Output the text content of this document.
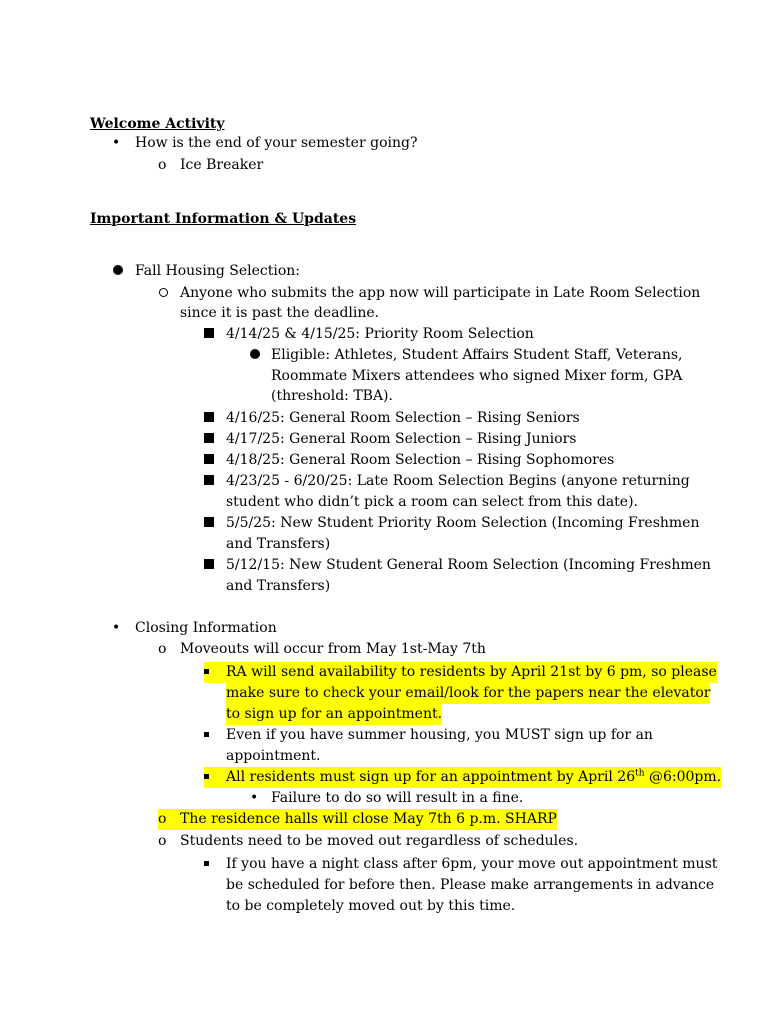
Welcome Activity
• How is the end of your semester going?
o Ice Breaker
Important Information & Updates
Fall Housing Selection:
Anyone who submits the app now will participate in Late Room Selection
since it is past the deadline.
4/14/25 & 4/15/25: Priority Room Selection
Eligible: Athletes, Student Affairs Student Staff, Veterans,
Roommate Mixers attendees who signed Mixer form, GPA
(threshold: TBA).
4/16/25: General Room Selection – Rising Seniors
4/17/25: General Room Selection – Rising Juniors
4/18/25: General Room Selection – Rising Sophomores
4/23/25 - 6/20/25: Late Room Selection Begins (anyone returning
student who didn’t pick a room can select from this date).
5/5/25: New Student Priority Room Selection (Incoming Freshmen
and Transfers)
5/12/15: New Student General Room Selection (Incoming Freshmen
and Transfers)
• Closing Information
o Moveouts will occur from May 1st-May 7th
RA will send availability to residents by April 21st by 6 pm, so please
make sure to check your email/look for the papers near the elevator
to sign up for an appointment.
Even if you have summer housing, you MUST sign up for an
appointment.
All residents must sign up for an appointment by April 26th @6:00pm.
• Failure to do so will result in a fine.
o The residence halls will close May 7th 6 p.m. SHARP
o Students need to be moved out regardless of schedules.
If you have a night class after 6pm, your move out appointment must
be scheduled for before then. Please make arrangements in advance
to be completely moved out by this time.
